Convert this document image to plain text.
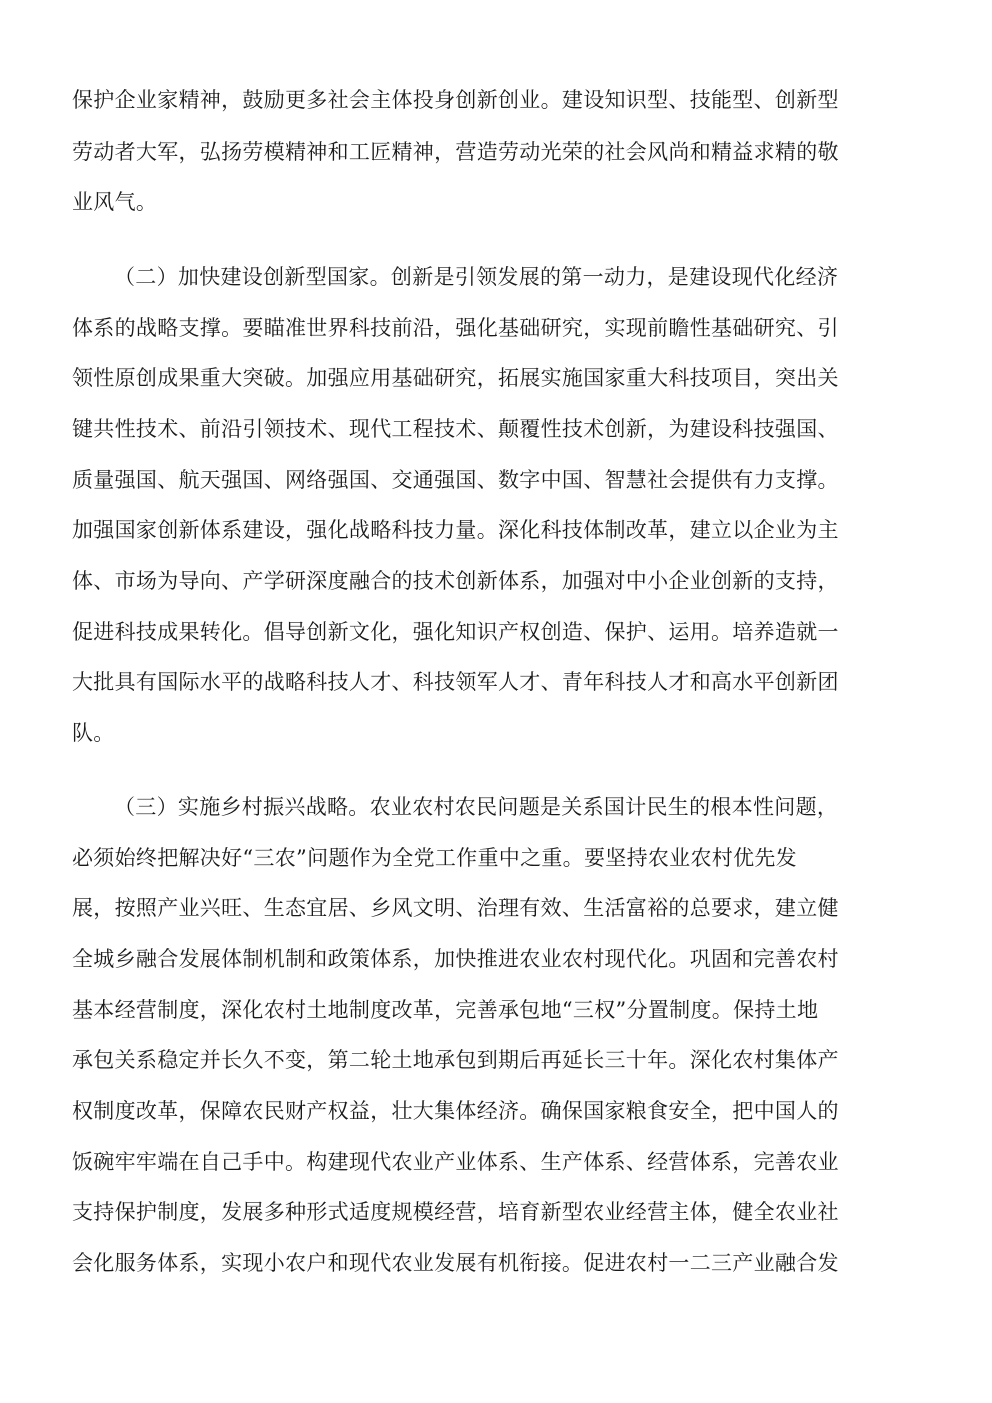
保护企业家精神，鼓励更多社会主体投身创新创业。建设知识型、技能型、创新型
劳动者大军，弘扬劳模精神和工匠精神，营造劳动光荣的社会风尚和精益求精的敬
业风气。
（二）加快建设创新型国家。创新是引领发展的第一动力，是建设现代化经济
体系的战略支撑。要瞄准世界科技前沿，强化基础研究，实现前瞻性基础研究、引
领性原创成果重大突破。加强应用基础研究，拓展实施国家重大科技项目，突出关
键共性技术、前沿引领技术、现代工程技术、颠覆性技术创新，为建设科技强国、
质量强国、航天强国、网络强国、交通强国、数字中国、智慧社会提供有力支撑。
加强国家创新体系建设，强化战略科技力量。深化科技体制改革，建立以企业为主
体、市场为导向、产学研深度融合的技术创新体系，加强对中小企业创新的支持，
促进科技成果转化。倡导创新文化，强化知识产权创造、保护、运用。培养造就一
大批具有国际水平的战略科技人才、科技领军人才、青年科技人才和高水平创新团
队。
（三）实施乡村振兴战略。农业农村农民问题是关系国计民生的根本性问题，
必须始终把解决好“三农”问题作为全党工作重中之重。要坚持农业农村优先发
展，按照产业兴旺、生态宜居、乡风文明、治理有效、生活富裕的总要求，建立健
全城乡融合发展体制机制和政策体系，加快推进农业农村现代化。巩固和完善农村
基本经营制度，深化农村土地制度改革，完善承包地“三权”分置制度。保持土地
承包关系稳定并长久不变，第二轮土地承包到期后再延长三十年。深化农村集体产
权制度改革，保障农民财产权益，壮大集体经济。确保国家粮食安全，把中国人的
饭碗牢牢端在自己手中。构建现代农业产业体系、生产体系、经营体系，完善农业
支持保护制度，发展多种形式适度规模经营，培育新型农业经营主体，健全农业社
会化服务体系，实现小农户和现代农业发展有机衔接。促进农村一二三产业融合发
